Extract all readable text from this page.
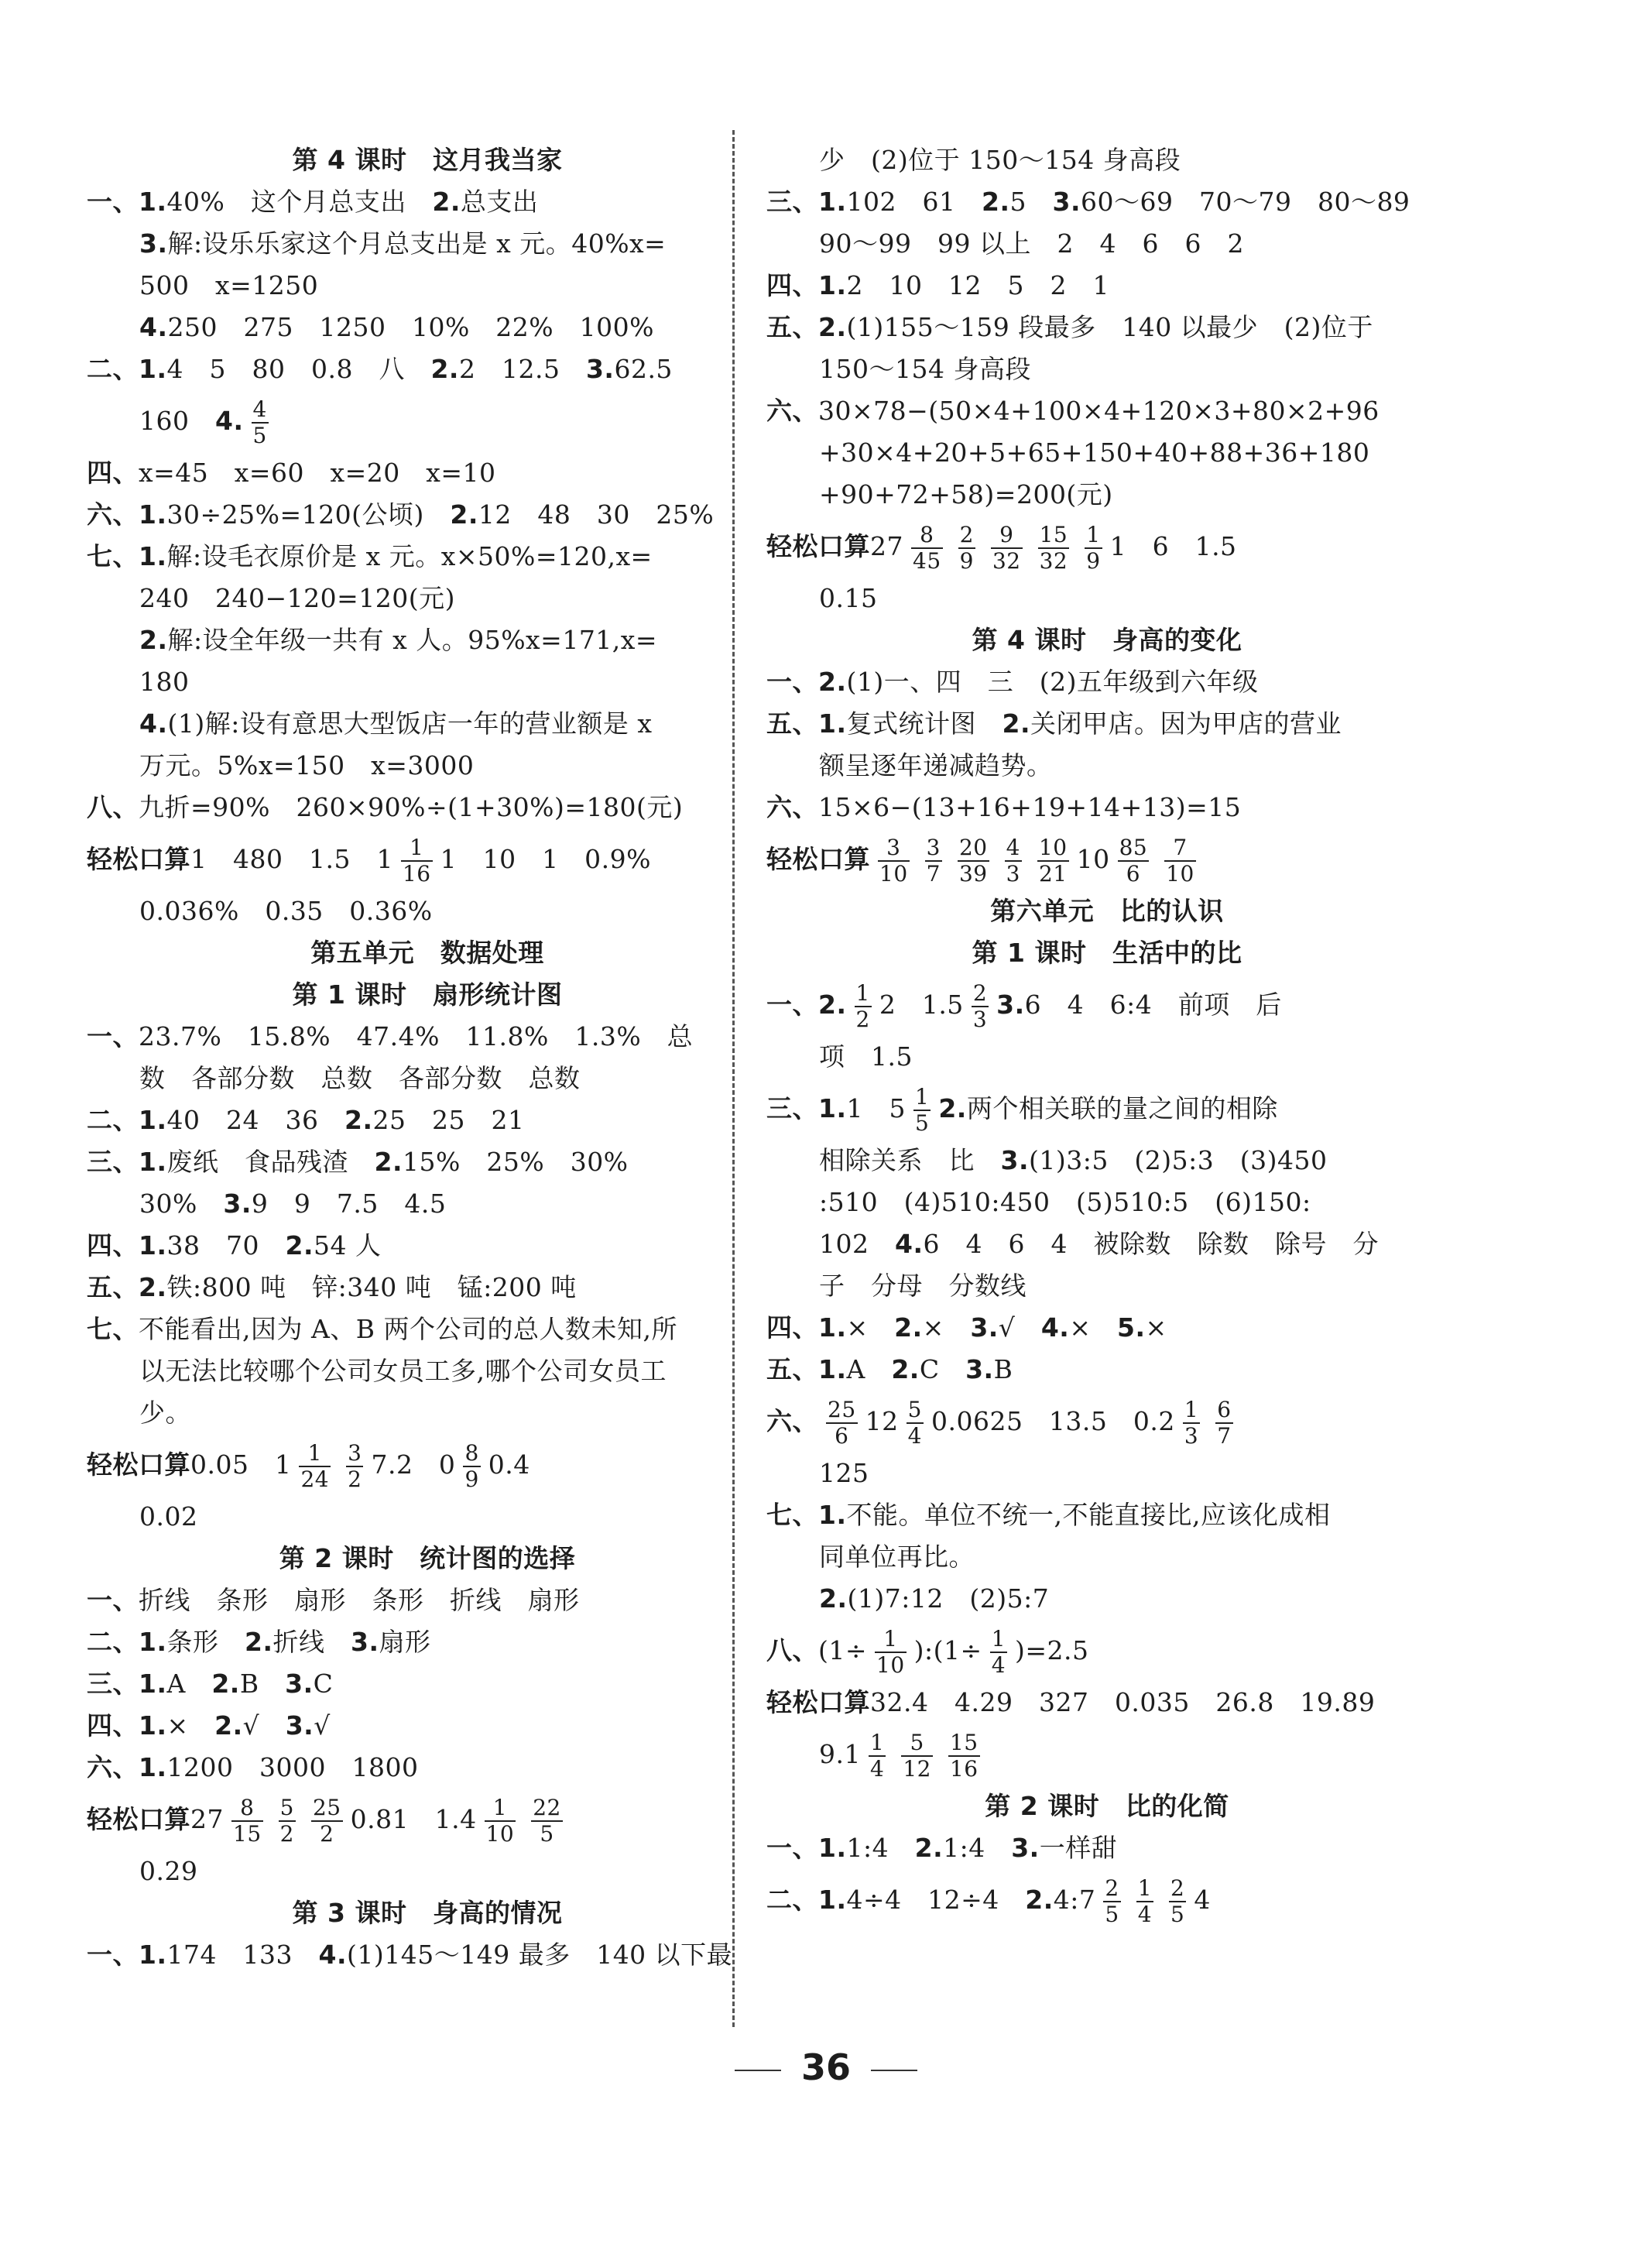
第 4 课时　这月我当家
一、1.40%　这个月总支出　2.总支出
3.解:设乐乐家这个月总支出是 x 元。40%x=
500　x=1250
4.250　275　1250　10%　22%　100%
二、1.4　5　80　0.8　八　2.2　12.5　3.62.5
160　4. $\frac{4}{5}$
四、x=45　x=60　x=20　x=10
六、1.30÷25%=120(公顷)　2.12　48　30　25%
七、1.解:设毛衣原价是 x 元。x×50%=120,x=
240　240−120=120(元)
2.解:设全年级一共有 x 人。95%x=171,x=
180
4.(1)解:设有意思大型饭店一年的营业额是 x
万元。5%x=150　x=3000
八、九折=90%　260×90%÷(1+30%)=180(元)
轻松口算1　480　1.5　$1 \frac{1}{16} 1$　10　1　0.9%
0.036%　0.35　0.36%
第五单元　数据处理
第 1 课时　扇形统计图
一、23.7%　15.8%　47.4%　11.8%　1.3%　总
数　各部分数　总数　各部分数　总数
二、1.40　24　36　2.25　25　21
三、1.废纸　食品残渣　2.15%　25%　30%
30%　3.9　9　7.5　4.5
四、1.38　70　2.54 人
五、2.铁:800 吨　锌:340 吨　锰:200 吨
七、不能看出,因为 A、B 两个公司的总人数未知,所
以无法比较哪个公司女员工多,哪个公司女员工
少。
轻松口算0.05　$1 \frac{1}{24} \frac{3}{2} 7.2$　$0 \frac{8}{9} 0.4$
0.02
第 2 课时　统计图的选择
一、折线　条形　扇形　条形　折线　扇形
二、1.条形　2.折线　3.扇形
三、1.A　2.B　3.C
四、1.×　2.√　3.√
六、1.1200　3000　1800
轻松口算$27 \frac{8}{15} \frac{5}{2} \frac{25}{2} 0.81$　$1.4 \frac{1}{10} \frac{22}{5}$
0.29
第 3 课时　身高的情况
一、1.174　133　4.(1)145～149 最多　140 以下最
少　(2)位于 150～154 身高段
三、1.102　61　2.5　3.60～69　70～79　80～89
90～99　99 以上　2　4　6　6　2
四、1.2　10　12　5　2　1
五、2.(1)155～159 段最多　140 以最少　(2)位于
150～154 身高段
六、30×78−(50×4+100×4+120×3+80×2+96
+30×4+20+5+65+150+40+88+36+180
+90+72+58)=200(元)
轻松口算$27 \frac{8}{45} \frac{2}{9} \frac{9}{32} \frac{15}{32} \frac{1}{9} 1$　6　1.5
0.15
第 4 课时　身高的变化
一、2.(1)一、四　三　(2)五年级到六年级
五、1.复式统计图　2.关闭甲店。因为甲店的营业
额呈逐年递减趋势。
六、15×6−(13+16+19+14+13)=15
轻松口算 $\frac{3}{10} \frac{3}{7} \frac{20}{39} \frac{4}{3} \frac{10}{21} 10 \frac{85}{6} \frac{7}{10}$
第六单元　比的认识
第 1 课时　生活中的比
一、2. $\frac{1}{2} 2$　$1.5 \frac{2}{3} 3.6$　4　6:4　前项　后
项　1.5
三、1.1　$5 \frac{1}{5} 2$.两个相关联的量之间的相除
相除关系　比　3.(1)3:5　(2)5:3　(3)450
:510　(4)510:450　(5)510:5　(6)150:
102　4.6　4　6　4　被除数　除数　除号　分
子　分母　分数线
四、1.×　2.×　3.√　4.×　5.×
五、1.A　2.C　3.B
六、 $\frac{25}{6} 12 \frac{5}{4} 0.0625$　13.5　$0.2 \frac{1}{3} \frac{6}{7}$
125
七、1.不能。单位不统一,不能直接比,应该化成相
同单位再比。
2.(1)7:12　(2)5:7
八、($1\div \frac{1}{10}$ ):(1÷ $\frac{1}{4} )=2.5$
轻松口算32.4　4.29　327　0.035　26.8　19.89
$9.1 \frac{1}{4} \frac{5}{12} \frac{15}{16}$
第 2 课时　比的化简
一、1.1:4　2.1:4　3.一样甜
二、1.4÷4　12÷4　2.4:7 $\frac{2}{5} \frac{1}{4} \frac{2}{5} 4$
36
